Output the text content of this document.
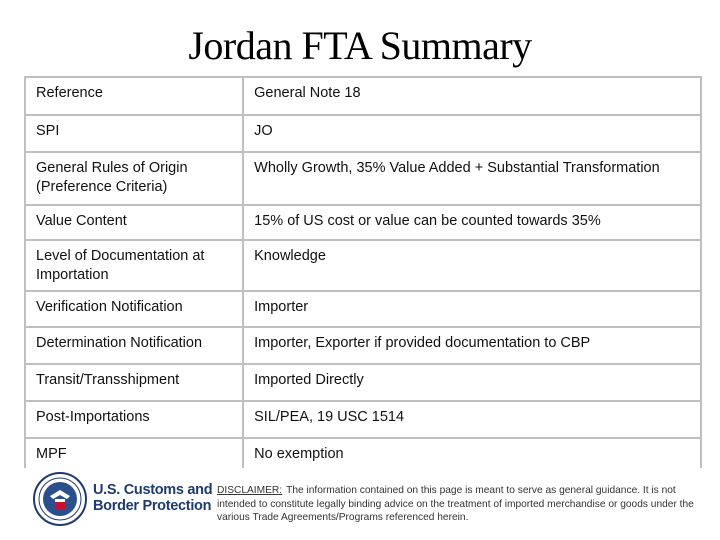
Jordan FTA Summary
Reference	General Note 18
SPI	JO
General Rules of Origin (Preference Criteria)	Wholly Growth, 35% Value Added + Substantial Transformation
Value Content	15% of US cost or value can be counted towards 35%
Level of Documentation at Importation	Knowledge
Verification Notification	Importer
Determination Notification	Importer, Exporter if provided documentation to CBP
Transit/Transshipment	Imported Directly
Post-Importations	SIL/PEA, 19 USC 1514
MPF	No exemption
U.S. Customs and
Border Protection
DISCLAIMER: The information contained on this page is meant to serve as general guidance. It is not intended to constitute legally binding advice on the treatment of imported merchandise or goods under the various Trade Agreements/Programs referenced herein.
